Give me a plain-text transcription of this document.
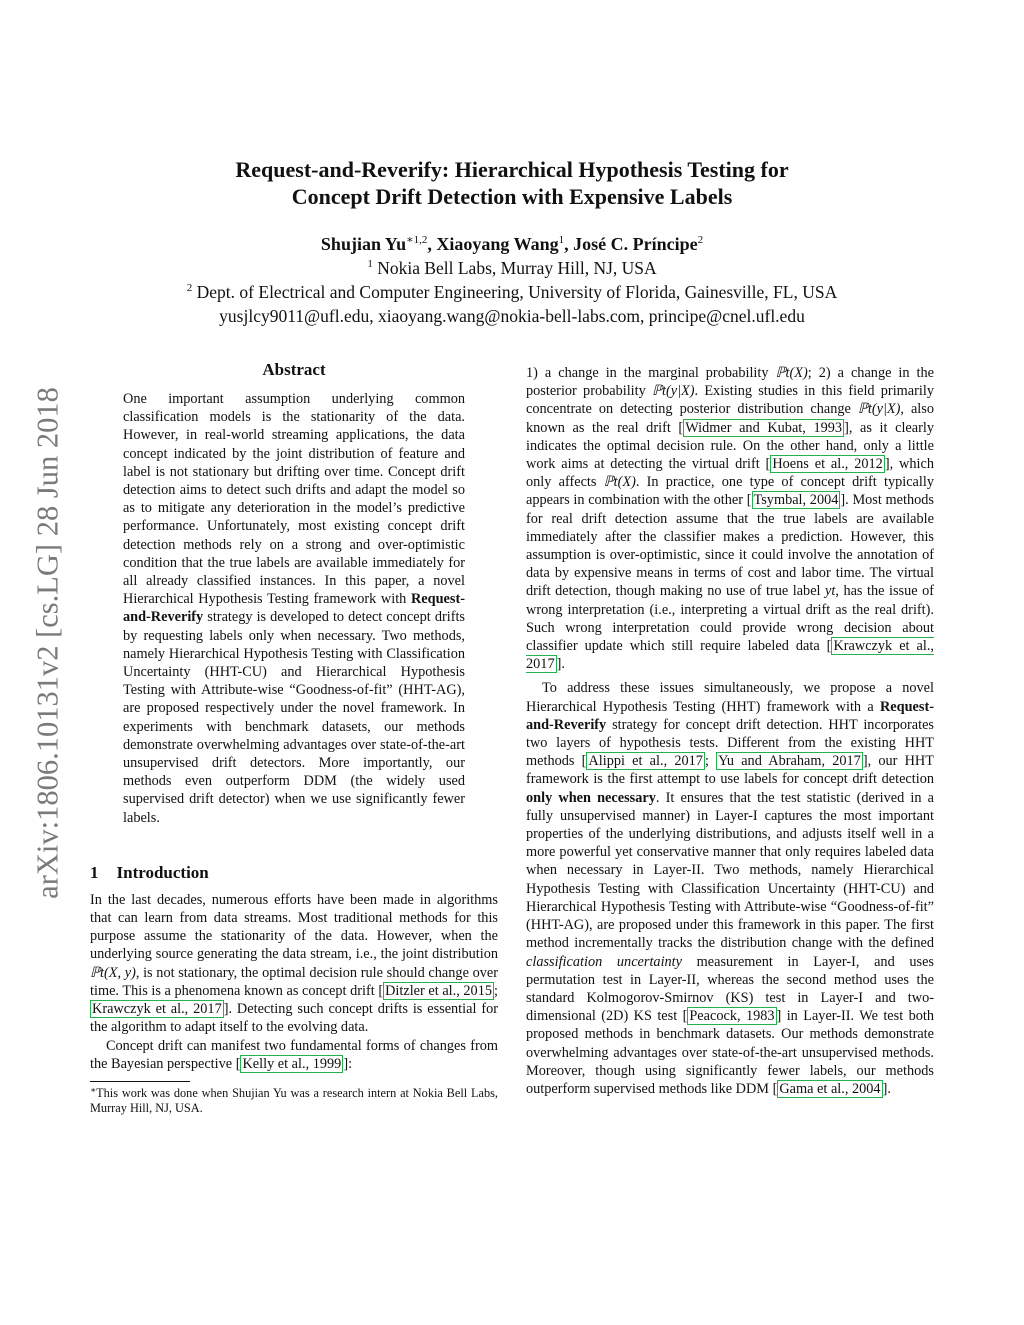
Request-and-Reverify: Hierarchical Hypothesis Testing for
Concept Drift Detection with Expensive Labels
Shujian $Yu^{∗1,2}$, Xiaoyang Wang$^1$, José C. Príncipe$^2$
$^1$ Nokia Bell Labs, Murray Hill, NJ, USA
$^2$ Dept. of Electrical and Computer Engineering, University of Florida, Gainesville, FL, USA
yusjlcy9011@ufl.edu, xiaoyang.wang@nokia-bell-labs.com, principe@cnel.ufl.edu
arXiv:1806.10131v2 [cs.LG] 28 Jun 2018
Abstract

One important assumption underlying common classification models is the stationarity of the data. However, in real-world streaming applications, the data concept indicated by the joint distribution of feature and label is not stationary but drifting over time. Concept drift detection aims to detect such drifts and adapt the model so as to mitigate any deterioration in the model’s predictive performance. Unfortunately, most existing concept drift detection methods rely on a strong and over-optimistic condition that the true labels are available immediately for all already classified instances. In this paper, a novel Hierarchical Hypothesis Testing framework with Request-and-Reverify strategy is developed to detect concept drifts by requesting labels only when necessary. Two methods, namely Hierarchical Hypothesis Testing with Classification Uncertainty (HHT-CU) and Hierarchical Hypothesis Testing with Attribute-wise “Goodness-of-fit” (HHT-AG), are proposed respectively under the novel framework. In experiments with benchmark datasets, our methods demonstrate overwhelming advantages over state-of-the-art unsupervised drift detectors. More importantly, our methods even outperform DDM (the widely used supervised drift detector) when we use significantly fewer labels.

1 Introduction

In the last decades, numerous efforts have been made in algorithms that can learn from data streams. Most traditional methods for this purpose assume the stationarity of the data. However, when the underlying source generating the data stream, i.e., the joint distribution ℙt(X, y), is not stationary, the optimal decision rule should change over time. This is a phenomena known as concept drift [ Ditzler et al., 2015 ; Krawczyk et al., 2017 ]. Detecting such concept drifts is essential for the algorithm to adapt itself to the evolving data.

Concept drift can manifest two fundamental forms of changes from the Bayesian perspective [ Kelly et al., 1999 ]:

∗This work was done when Shujian Yu was a research intern at Nokia Bell Labs, Murray Hill, NJ, USA.

1) a change in the marginal probability ℙt(X); 2) a change in the posterior probability ℙt(y|X). Existing studies in this field primarily concentrate on detecting posterior distribution change ℙt(y|X), also known as the real drift [ Widmer and Kubat, 1993 ], as it clearly indicates the optimal decision rule. On the other hand, only a little work aims at detecting the virtual drift [ Hoens et al., 2012 ], which only affects ℙt(X). In practice, one type of concept drift typically appears in combination with the other [ Tsymbal, 2004 ]. Most methods for real drift detection assume that the true labels are available immediately after the classifier makes a prediction. However, this assumption is over-optimistic, since it could involve the annotation of data by expensive means in terms of cost and labor time. The virtual drift detection, though making no use of true label yt, has the issue of wrong interpretation (i.e., interpreting a virtual drift as the real drift). Such wrong interpretation could provide wrong decision about classifier update which still require labeled data [ Krawczyk et al., 2017 ].

To address these issues simultaneously, we propose a novel Hierarchical Hypothesis Testing (HHT) framework with a Request-and-Reverify strategy for concept drift detection. HHT incorporates two layers of hypothesis tests. Different from the existing HHT methods [ Alippi et al., 2017 ; Yu and Abraham, 2017 ], our HHT framework is the first attempt to use labels for concept drift detection only when necessary. It ensures that the test statistic (derived in a fully unsupervised manner) in Layer-I captures the most important properties of the underlying distributions, and adjusts itself well in a more powerful yet conservative manner that only requires labeled data when necessary in Layer-II. Two methods, namely Hierarchical Hypothesis Testing with Classification Uncertainty (HHT-CU) and Hierarchical Hypothesis Testing with Attribute-wise “Goodness-of-fit” (HHT-AG), are proposed under this framework in this paper. The first method incrementally tracks the distribution change with the defined classification uncertainty measurement in Layer-I, and uses permutation test in Layer-II, whereas the second method uses the standard Kolmogorov-Smirnov (KS) test in Layer-I and two-dimensional (2D) KS test [ Peacock, 1983 ] in Layer-II. We test both proposed methods in benchmark datasets. Our methods demonstrate overwhelming advantages over state-of-the-art unsupervised methods. Moreover, though using significantly fewer labels, our methods outperform supervised methods like DDM [ Gama et al., 2004 ].
